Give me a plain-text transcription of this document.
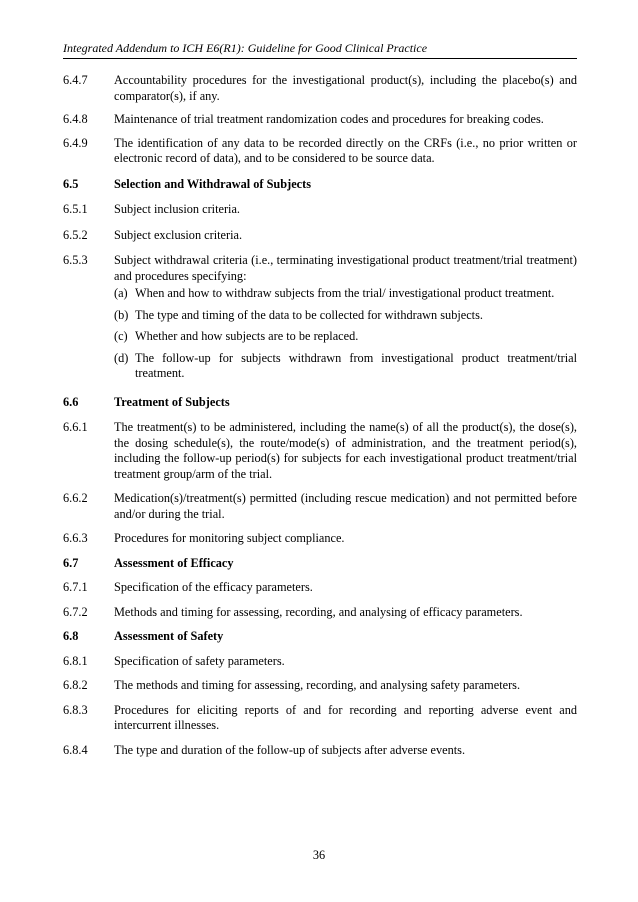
Integrated Addendum to ICH E6(R1): Guideline for Good Clinical Practice
6.4.7 Accountability procedures for the investigational product(s), including the placebo(s) and comparator(s), if any.
6.4.8 Maintenance of trial treatment randomization codes and procedures for breaking codes.
6.4.9 The identification of any data to be recorded directly on the CRFs (i.e., no prior written or electronic record of data), and to be considered to be source data.
6.5	Selection and Withdrawal of Subjects
6.5.1 Subject inclusion criteria.
6.5.2 Subject exclusion criteria.
6.5.3 Subject withdrawal criteria (i.e., terminating investigational product treatment/trial treatment) and procedures specifying:
(a) When and how to withdraw subjects from the trial/ investigational product treatment.
(b) The type and timing of the data to be collected for withdrawn subjects.
(c) Whether and how subjects are to be replaced.
(d) The follow-up for subjects withdrawn from investigational product treatment/trial treatment.
6.6	Treatment of Subjects
6.6.1 The treatment(s) to be administered, including the name(s) of all the product(s), the dose(s), the dosing schedule(s), the route/mode(s) of administration, and the treatment period(s), including the follow-up period(s) for subjects for each investigational product treatment/trial treatment group/arm of the trial.
6.6.2 Medication(s)/treatment(s) permitted (including rescue medication) and not permitted before and/or during the trial.
6.6.3 Procedures for monitoring subject compliance.
6.7	Assessment of Efficacy
6.7.1 Specification of the efficacy parameters.
6.7.2 Methods and timing for assessing, recording, and analysing of efficacy parameters.
6.8	Assessment of Safety
6.8.1 Specification of safety parameters.
6.8.2 The methods and timing for assessing, recording, and analysing safety parameters.
6.8.3 Procedures for eliciting reports of and for recording and reporting adverse event and intercurrent illnesses.
6.8.4 The type and duration of the follow-up of subjects after adverse events.
36
